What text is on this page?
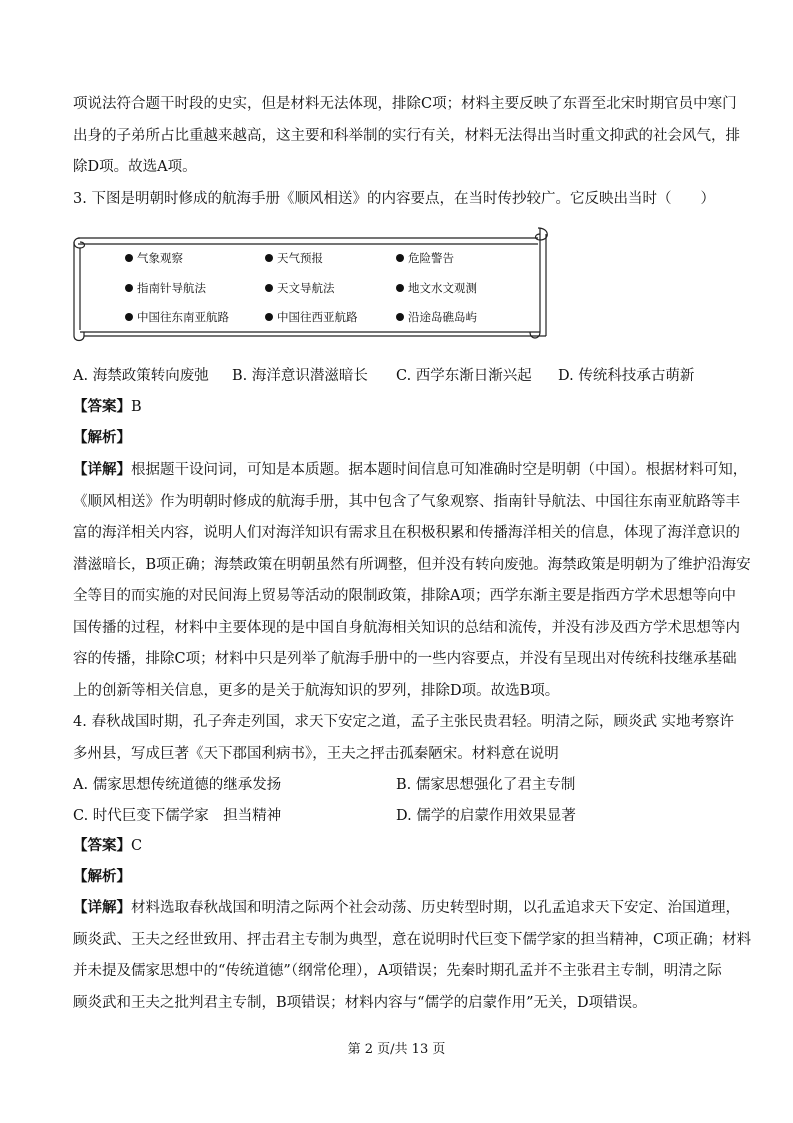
项说法符合题干时段的史实，但是材料无法体现，排除C项；材料主要反映了东晋至北宋时期官员中寒门
出身的子弟所占比重越来越高，这主要和科举制的实行有关，材料无法得出当时重文抑武的社会风气，排
除D项。故选A项。
3. 下图是明朝时修成的航海手册《顺风相送》的内容要点，在当时传抄较广。它反映出当时（　　）
气象观察	天气预报	危险警告
指南针导航法	天文导航法	地文水文观测
中国往东南亚航路	中国往西亚航路	沿途岛礁岛屿
A. 海禁政策转向废弛 B. 海洋意识潜滋暗长 C. 西学东渐日渐兴起 D. 传统科技承古萌新
【答案】B
【解析】
【详解】根据题干设问词，可知是本质题。据本题时间信息可知准确时空是明朝（中国）。根据材料可知，
《顺风相送》作为明朝时修成的航海手册，其中包含了气象观察、指南针导航法、中国往东南亚航路等丰
富的海洋相关内容，说明人们对海洋知识有需求且在积极积累和传播海洋相关的信息，体现了海洋意识的
潜滋暗长，B项正确；海禁政策在明朝虽然有所调整，但并没有转向废弛。海禁政策是明朝为了维护沿海安
全等目的而实施的对民间海上贸易等活动的限制政策，排除A项；西学东渐主要是指西方学术思想等向中
国传播的过程，材料中主要体现的是中国自身航海相关知识的总结和流传，并没有涉及西方学术思想等内
容的传播，排除C项；材料中只是列举了航海手册中的一些内容要点，并没有呈现出对传统科技继承基础
上的创新等相关信息，更多的是关于航海知识的罗列，排除D项。故选B项。
4. 春秋战国时期，孔子奔走列国，求天下安定之道，孟子主张民贵君轻。明清之际，顾炎武 实地考察许
多州县，写成巨著《天下郡国利病书》，王夫之抨击孤秦陋宋。材料意在说明
A. 儒家思想传统道德的继承发扬	B. 儒家思想强化了君主专制
C. 时代巨变下儒学家　担当精神	D. 儒学的启蒙作用效果显著
【答案】C
【解析】
【详解】材料选取春秋战国和明清之际两个社会动荡、历史转型时期，以孔孟追求天下安定、治国道理，
顾炎武、王夫之经世致用、抨击君主专制为典型，意在说明时代巨变下儒学家的担当精神，C项正确；材料
并未提及儒家思想中的“传统道德”（纲常伦理），A项错误；先秦时期孔孟并不主张君主专制，明清之际
顾炎武和王夫之批判君主专制，B项错误；材料内容与“儒学的启蒙作用”无关，D项错误。
第 2 页/共 13 页
